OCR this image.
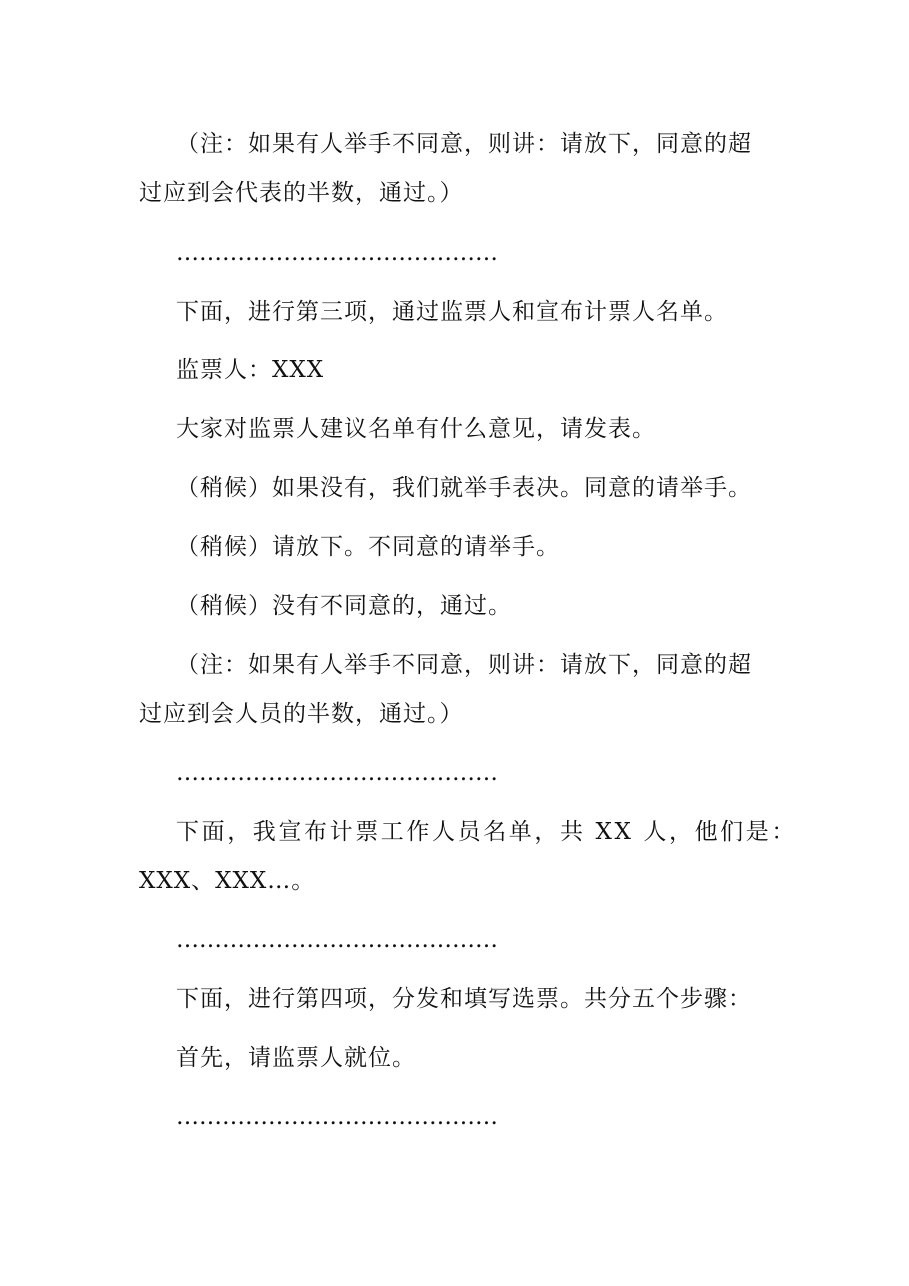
（注：如果有人举手不同意，则讲：请放下，同意的超
过应到会代表的半数，通过。）
……………………………………
下面，进行第三项，通过监票人和宣布计票人名单。
监票人：XXX
大家对监票人建议名单有什么意见，请发表。
（稍候）如果没有，我们就举手表决。同意的请举手。
（稍候）请放下。不同意的请举手。
（稍候）没有不同意的，通过。
（注：如果有人举手不同意，则讲：请放下，同意的超
过应到会人员的半数，通过。）
……………………………………
下面，我宣布计票工作人员名单，共 XX 人，他们是：
XXX、XXX…。
……………………………………
下面，进行第四项，分发和填写选票。共分五个步骤：
首先，请监票人就位。
……………………………………
